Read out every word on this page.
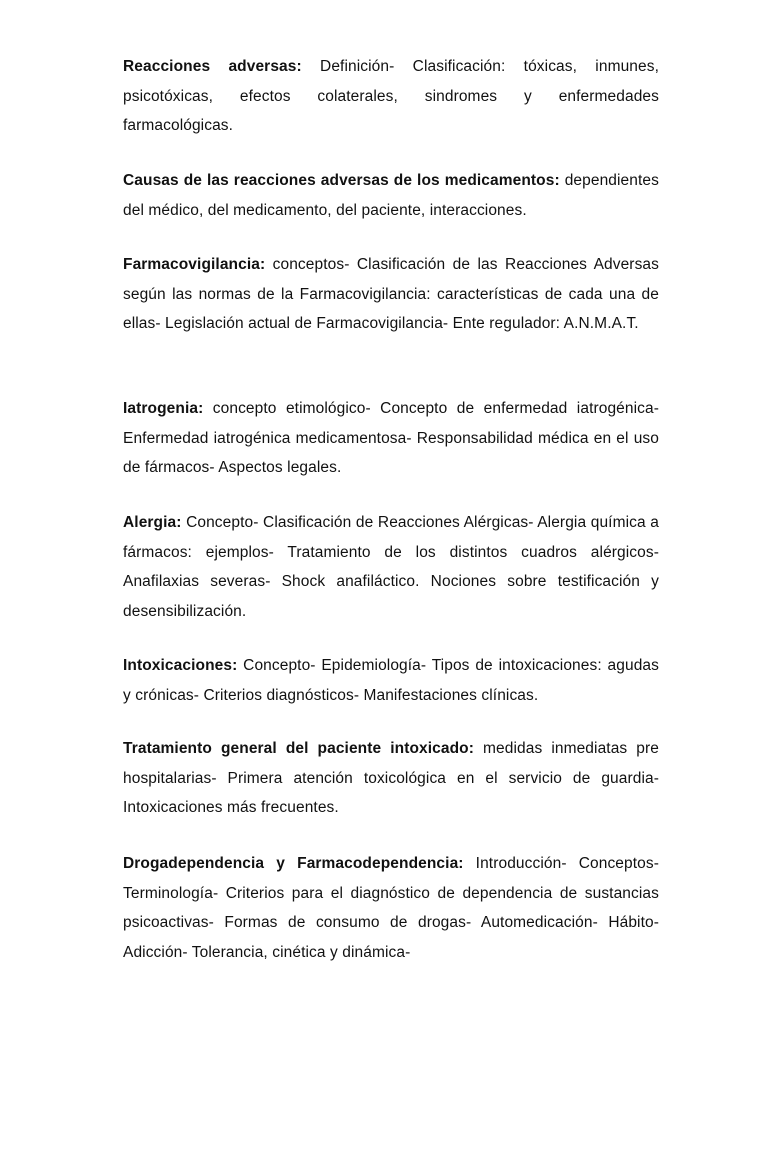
Reacciones adversas: Definición- Clasificación: tóxicas, inmunes, psicotóxicas, efectos colaterales, sindromes y enfermedades farmacológicas.

Causas de las reacciones adversas de los medicamentos: dependientes del médico, del medicamento, del paciente, interacciones.

Farmacovigilancia: conceptos- Clasificación de las Reacciones Adversas según las normas de la Farmacovigilancia: características de cada una de ellas- Legislación actual de Farmacovigilancia- Ente regulador: A.N.M.A.T.

Iatrogenia: concepto etimológico- Concepto de enfermedad iatrogénica- Enfermedad iatrogénica medicamentosa- Responsabilidad médica en el uso de fármacos- Aspectos legales.

Alergia: Concepto- Clasificación de Reacciones Alérgicas- Alergia química a fármacos: ejemplos- Tratamiento de los distintos cuadros alérgicos- Anafilaxias severas- Shock anafiláctico. Nociones sobre testificación y desensibilización.

Intoxicaciones: Concepto- Epidemiología- Tipos de intoxicaciones: agudas y crónicas- Criterios diagnósticos- Manifestaciones clínicas.

Tratamiento general del paciente intoxicado: medidas inmediatas pre hospitalarias- Primera atención toxicológica en el servicio de guardia- Intoxicaciones más frecuentes.

Drogadependencia y Farmacodependencia: Introducción- Conceptos- Terminología- Criterios para el diagnóstico de dependencia de sustancias psicoactivas- Formas de consumo de drogas- Automedicación- Hábito- Adicción- Tolerancia, cinética y dinámica-
